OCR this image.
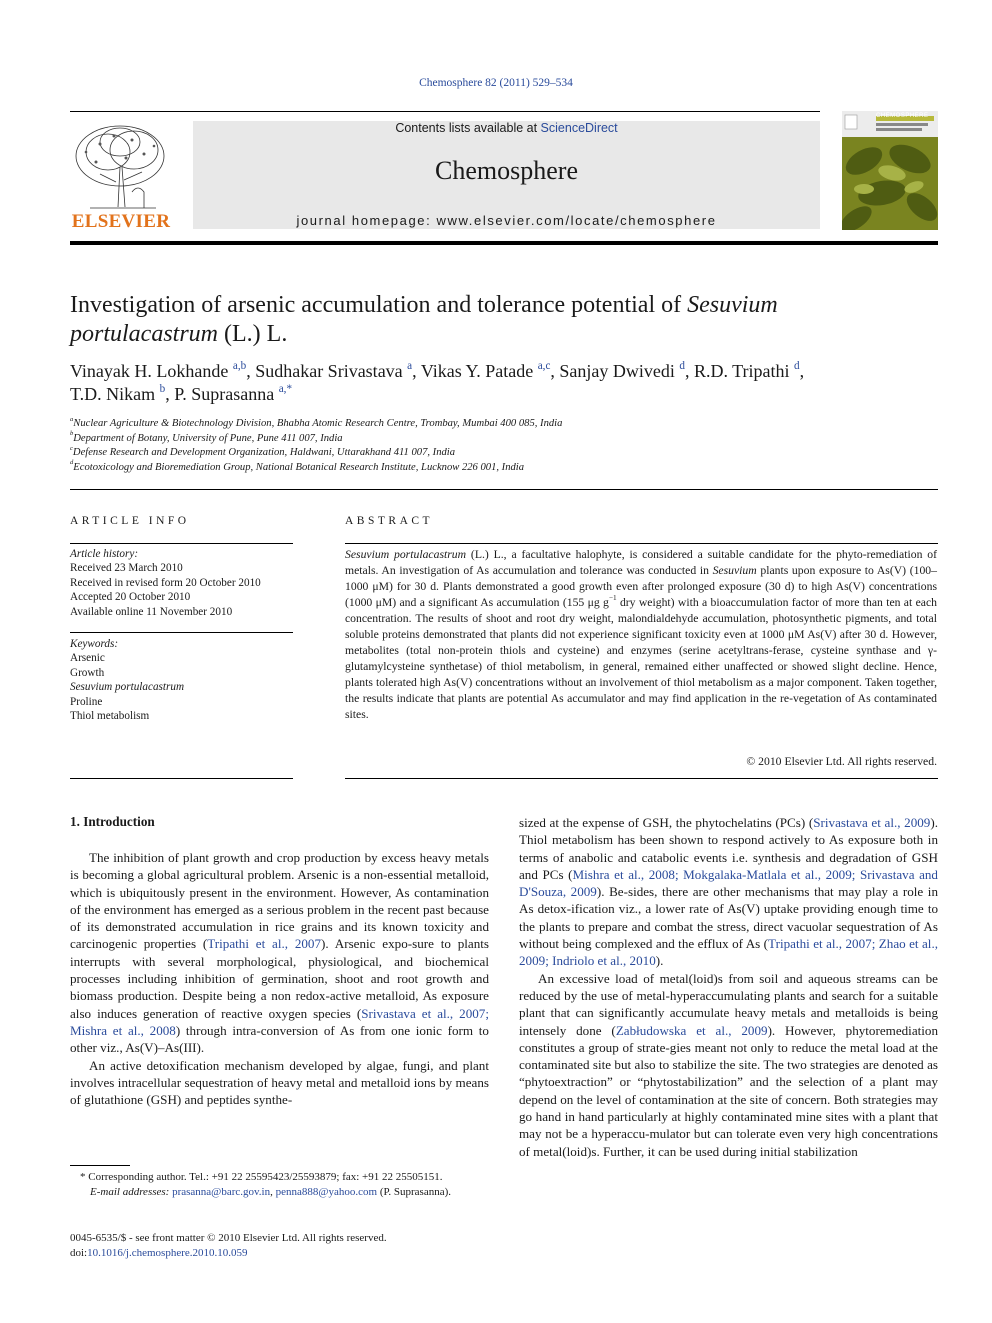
Chemosphere 82 (2011) 529–534
ELSEVIER
Contents lists available at ScienceDirect
Chemosphere
journal homepage: www.elsevier.com/locate/chemosphere
CHEMOSPHERE
Investigation of arsenic accumulation and tolerance potential of Sesuvium portulacastrum (L.) L.
Vinayak H. Lokhande $^{a,b}$, Sudhakar Srivastava $^a$, Vikas Y. Patade $^{a,c}$, Sanjay Dwivedi $^d$, R.D. Tripathi $^d$,
T.D. Nikam $^b$, P. Suprasanna $^{a,*}$
$^a$Nuclear Agriculture & Biotechnology Division, Bhabha Atomic Research Centre, Trombay, Mumbai 400 085, India
$^b$Department of Botany, University of Pune, Pune 411 007, India
$^c$Defense Research and Development Organization, Haldwani, Uttarakhand 411 007, India
$^d$Ecotoxicology and Bioremediation Group, National Botanical Research Institute, Lucknow 226 001, India
ARTICLE INFO
Article history:
Received 23 March 2010
Received in revised form 20 October 2010
Accepted 20 October 2010
Available online 11 November 2010
Keywords:
Arsenic
Growth
Sesuvium portulacastrum
Proline
Thiol metabolism
ABSTRACT
Sesuvium portulacastrum (L.) L., a facultative halophyte, is considered a suitable candidate for the phyto-remediation of metals. An investigation of As accumulation and tolerance was conducted in Sesuvium plants upon exposure to As(V) (100–1000 μM) for 30 d. Plants demonstrated a good growth even after prolonged exposure (30 d) to high As(V) concentrations (1000 μM) and a significant As accumulation (155 μg $g^{-1}$ dry weight) with a bioaccumulation factor of more than ten at each concentration. The results of shoot and root dry weight, malondialdehyde accumulation, photosynthetic pigments, and total soluble proteins demonstrated that plants did not experience significant toxicity even at 1000 μM As(V) after 30 d. However, metabolites (total non-protein thiols and cysteine) and enzymes (serine acetyltrans-ferase, cysteine synthase and γ-glutamylcysteine synthetase) of thiol metabolism, in general, remained either unaffected or showed slight decline. Hence, plants tolerated high As(V) concentrations without an involvement of thiol metabolism as a major component. Taken together, the results indicate that plants are potential As accumulator and may find application in the re-vegetation of As contaminated sites.
© 2010 Elsevier Ltd. All rights reserved.
1. Introduction

The inhibition of plant growth and crop production by excess heavy metals is becoming a global agricultural problem. Arsenic is a non-essential metalloid, which is ubiquitously present in the environment. However, As contamination of the environment has emerged as a serious problem in the recent past because of its demonstrated accumulation in rice grains and its known toxicity and carcinogenic properties (Tripathi et al., 2007). Arsenic expo-sure to plants interrupts with several morphological, physiological, and biochemical processes including inhibition of germination, shoot and root growth and biomass production. Despite being a non redox-active metalloid, As exposure also induces generation of reactive oxygen species (Srivastava et al., 2007; Mishra et al., 2008) through intra-conversion of As from one ionic form to other viz., As(V)–As(III).

An active detoxification mechanism developed by algae, fungi, and plant involves intracellular sequestration of heavy metal and metalloid ions by means of glutathione (GSH) and peptides synthe-

sized at the expense of GSH, the phytochelatins (PCs) (Srivastava et al., 2009). Thiol metabolism has been shown to respond actively to As exposure both in terms of anabolic and catabolic events i.e. synthesis and degradation of GSH and PCs (Mishra et al., 2008; Mokgalaka-Matlala et al., 2009; Srivastava and D'Souza, 2009). Be-sides, there are other mechanisms that may play a role in As detox-ification viz., a lower rate of As(V) uptake providing enough time to the plants to prepare and combat the stress, direct vacuolar sequestration of As without being complexed and the efflux of As (Tripathi et al., 2007; Zhao et al., 2009; Indriolo et al., 2010).

An excessive load of metal(loid)s from soil and aqueous streams can be reduced by the use of metal-hyperaccumulating plants and search for a suitable plant that can significantly accumulate heavy metals and metalloids is being intensely done (Zabłudowska et al., 2009). However, phytoremediation constitutes a group of strate-gies meant not only to reduce the metal load at the contaminated site but also to stabilize the site. The two strategies are denoted as “phytoextraction” or “phytostabilization” and the selection of a plant may depend on the level of contamination at the site of concern. Both strategies may go hand in hand particularly at highly contaminated mine sites with a plant that may not be a hyperaccu-mulator but can tolerate even very high concentrations of metal(loid)s. Further, it can be used during initial stabilization

* Corresponding author. Tel.: +91 22 25595423/25593879; fax: +91 22 25505151.
E-mail addresses: prasanna@barc.gov.in, penna888@yahoo.com (P. Suprasanna).
0045-6535/$ - see front matter © 2010 Elsevier Ltd. All rights reserved.
doi:10.1016/j.chemosphere.2010.10.059
